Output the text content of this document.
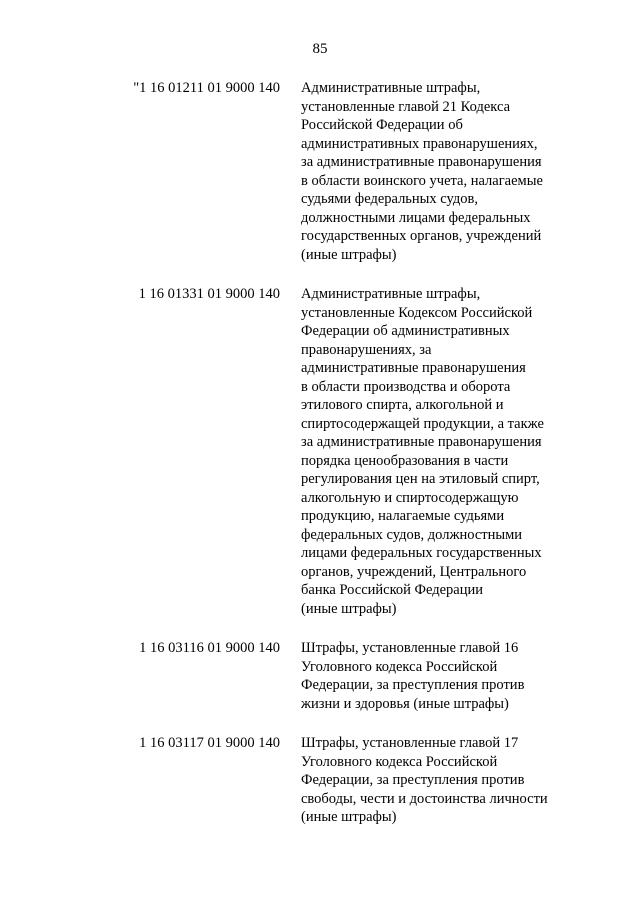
85
"1 16 01211 01 9000 140 Административные штрафы,
установленные главой 21 Кодекса
Российской Федерации об
административных правонарушениях,
за административные правонарушения
в области воинского учета, налагаемые
судьями федеральных судов,
должностными лицами федеральных
государственных органов, учреждений
(иные штрафы)
1 16 01331 01 9000 140 Административные штрафы,
установленные Кодексом Российской
Федерации об административных
правонарушениях, за
административные правонарушения
в области производства и оборота
этилового спирта, алкогольной и
спиртосодержащей продукции, а также
за административные правонарушения
порядка ценообразования в части
регулирования цен на этиловый спирт,
алкогольную и спиртосодержащую
продукцию, налагаемые судьями
федеральных судов, должностными
лицами федеральных государственных
органов, учреждений, Центрального
банка Российской Федерации
(иные штрафы)
1 16 03116 01 9000 140 Штрафы, установленные главой 16
Уголовного кодекса Российской
Федерации, за преступления против
жизни и здоровья (иные штрафы)
1 16 03117 01 9000 140 Штрафы, установленные главой 17
Уголовного кодекса Российской
Федерации, за преступления против
свободы, чести и достоинства личности
(иные штрафы)
